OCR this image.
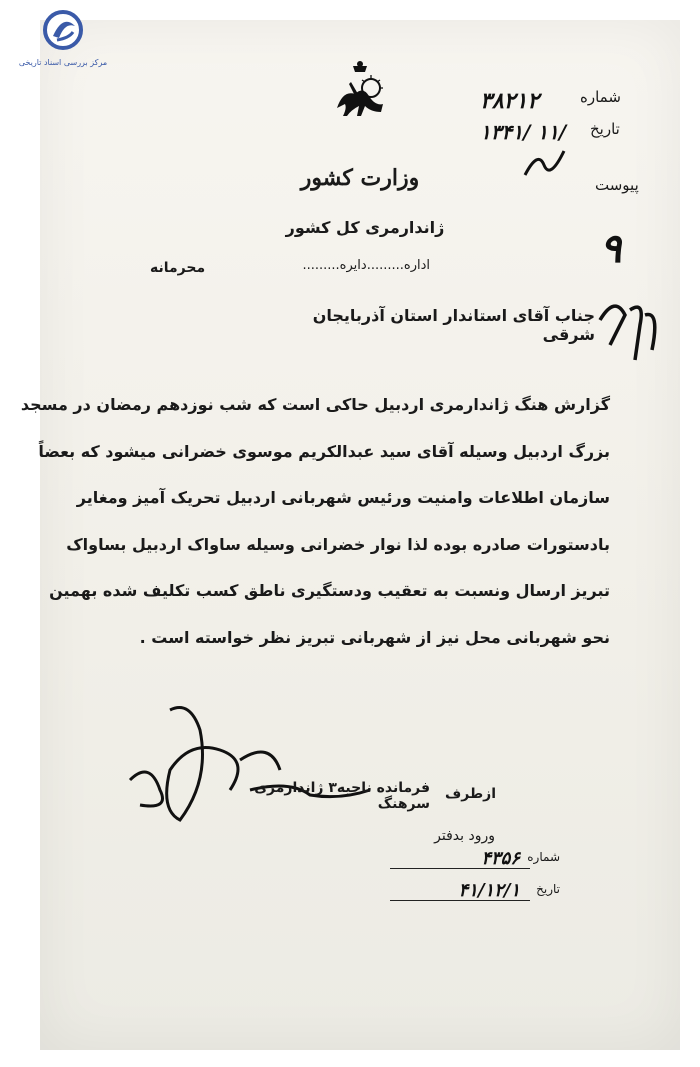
مرکز بررسی اسناد تاریخی
شماره
۳۸۲۱۲
تاریخ
۱۳۴۱/ ۱۱/
پیوست
وزارت کشور
ژاندارمری کل کشور
اداره.........دایره.........
محرمانه	۹
جناب آقای استاندار استان آذربایجان شرقی
گزارش هنگ ژاندارمری اردبیل حاکی است که شب نوزدهم رمضان در مسجد
بزرگ اردبیل وسیله آقای سید عبدالکریم موسوی خضرانی میشود که بعضاً
سازمان اطلاعات وامنیت ورئیس شهربانی اردبیل تحریک آمیز ومغایر
بادستورات صادره بوده لذا نوار خضرانی وسیله ساواک اردبیل بساواک
تبریز ارسال ونسبت به تعقیب ودستگیری ناطق کسب تکلیف شده بهمین
نحو شهربانی محل نیز از شهربانی تبریز نظر خواسته است .
ازطرف
فرمانده ناحیه۳ ژاندارمری سرهنگ
ورود بدفتر
شماره
۴۳۵۶
تاریخ
۴۱/۱۲/۱
